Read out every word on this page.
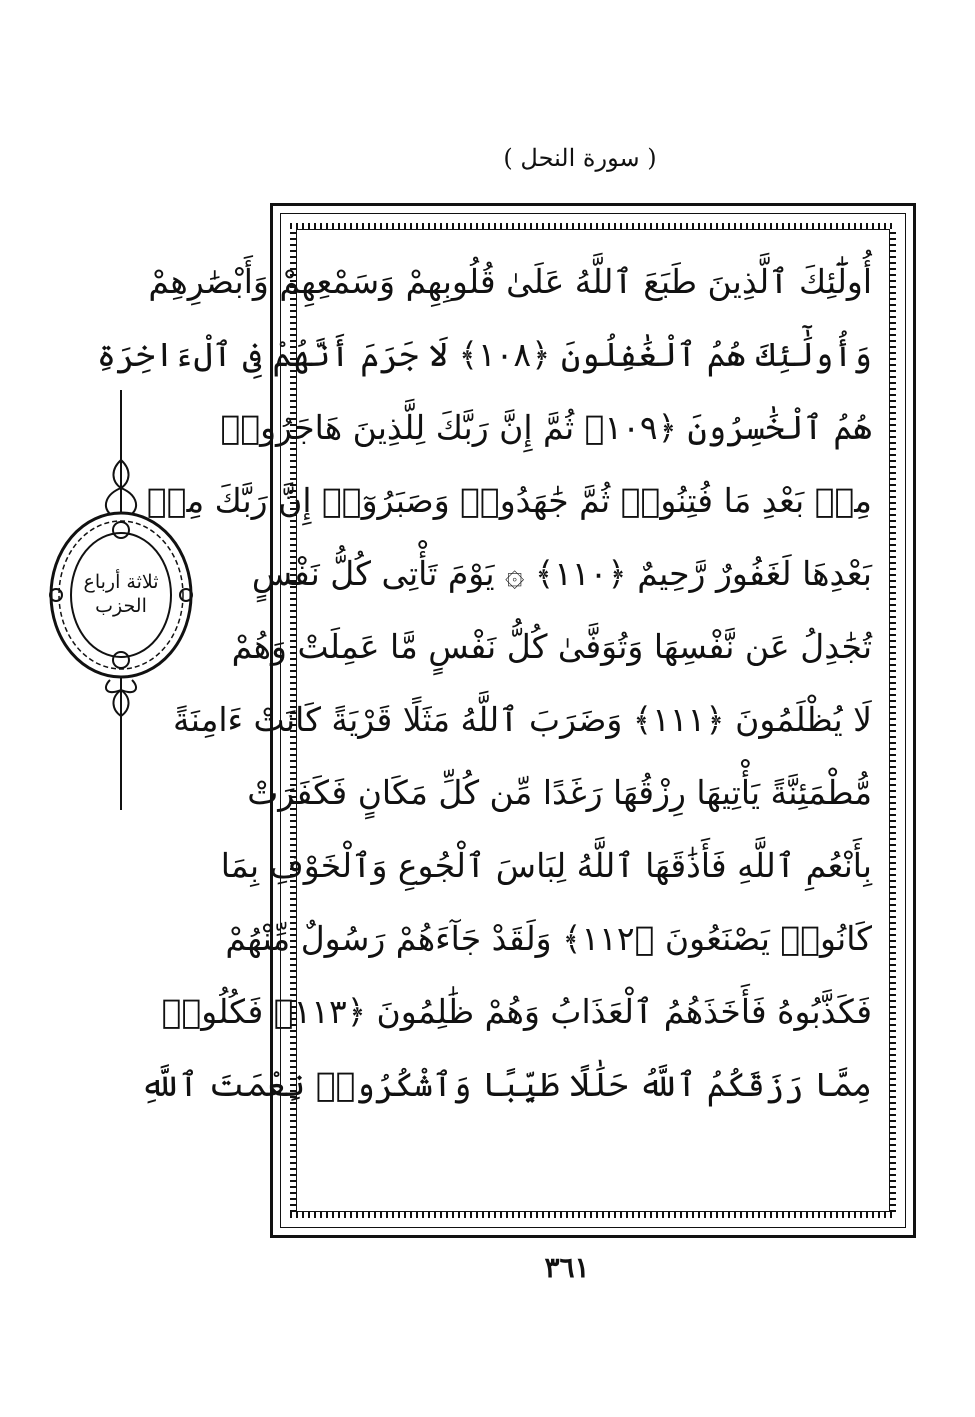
( سورة النحل )
أُولَٰٓئِكَ ٱلَّذِينَ طَبَعَ ٱللَّهُ عَلَىٰ قُلُوبِهِمْ وَسَمْعِهِمْ وَأَبْصَٰرِهِمْ
وَأُولَٰٓئِكَ هُمُ ٱلْغَٰفِلُونَ ﴿١٠٨﴾ لَا جَرَمَ أَنَّهُمْ فِى ٱلْءَاخِرَةِ
هُمُ ٱلْخَٰسِرُونَ ﴿١٠٩﴾ ثُمَّ إِنَّ رَبَّكَ لِلَّذِينَ هَاجَرُوا۟
مِنۢ بَعْدِ مَا فُتِنُوا۟ ثُمَّ جَٰهَدُوا۟ وَصَبَرُوٓا۟ إِنَّ رَبَّكَ مِنۢ
بَعْدِهَا لَغَفُورٌ رَّحِيمٌ ﴿١١٠﴾ ۞ يَوْمَ تَأْتِى كُلُّ نَفْسٍ
تُجَٰدِلُ عَن نَّفْسِهَا وَتُوَفَّىٰ كُلُّ نَفْسٍ مَّا عَمِلَتْ وَهُمْ
لَا يُظْلَمُونَ ﴿١١١﴾ وَضَرَبَ ٱللَّهُ مَثَلًا قَرْيَةً كَانَتْ ءَامِنَةً
مُّطْمَئِنَّةً يَأْتِيهَا رِزْقُهَا رَغَدًا مِّن كُلِّ مَكَانٍ فَكَفَرَتْ
بِأَنْعُمِ ٱللَّهِ فَأَذَٰقَهَا ٱللَّهُ لِبَاسَ ٱلْجُوعِ وَٱلْخَوْفِ بِمَا
كَانُوا۟ يَصْنَعُونَ ﴿١١٢﴾ وَلَقَدْ جَآءَهُمْ رَسُولٌ مِّنْهُمْ
فَكَذَّبُوهُ فَأَخَذَهُمُ ٱلْعَذَابُ وَهُمْ ظَٰلِمُونَ ﴿١١٣﴾ فَكُلُوا۟
مِمَّا رَزَقَكُمُ ٱللَّهُ حَلَٰلًا طَيِّبًا وَٱشْكُرُوا۟ نِعْمَتَ ٱللَّهِ
ثلاثة أرباع الحزب
٣٦١
